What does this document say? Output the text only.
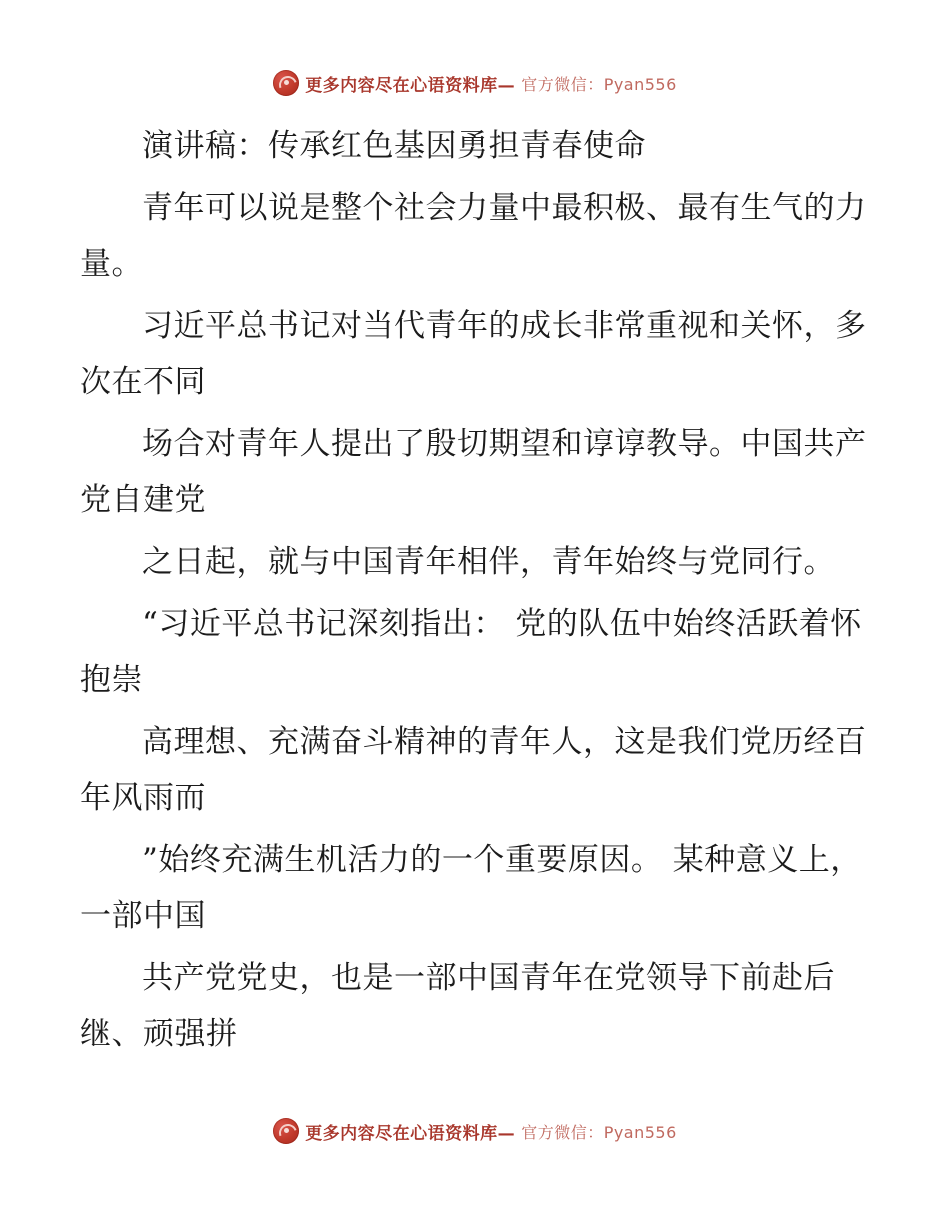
更多内容尽在心语资料库— 官方微信：Pyan556

演讲稿：传承红色基因勇担青春使命

青年可以说是整个社会力量中最积极、最有生气的力量。

习近平总书记对当代青年的成长非常重视和关怀，多次在不同

场合对青年人提出了殷切期望和谆谆教导。中国共产党自建党

之日起，就与中国青年相伴，青年始终与党同行。

“习近平总书记深刻指出： 党的队伍中始终活跃着怀抱崇

高理想、充满奋斗精神的青年人，这是我们党历经百年风雨而

”始终充满生机活力的一个重要原因。 某种意义上，一部中国

共产党党史，也是一部中国青年在党领导下前赴后继、顽强拼

更多内容尽在心语资料库— 官方微信：Pyan556
